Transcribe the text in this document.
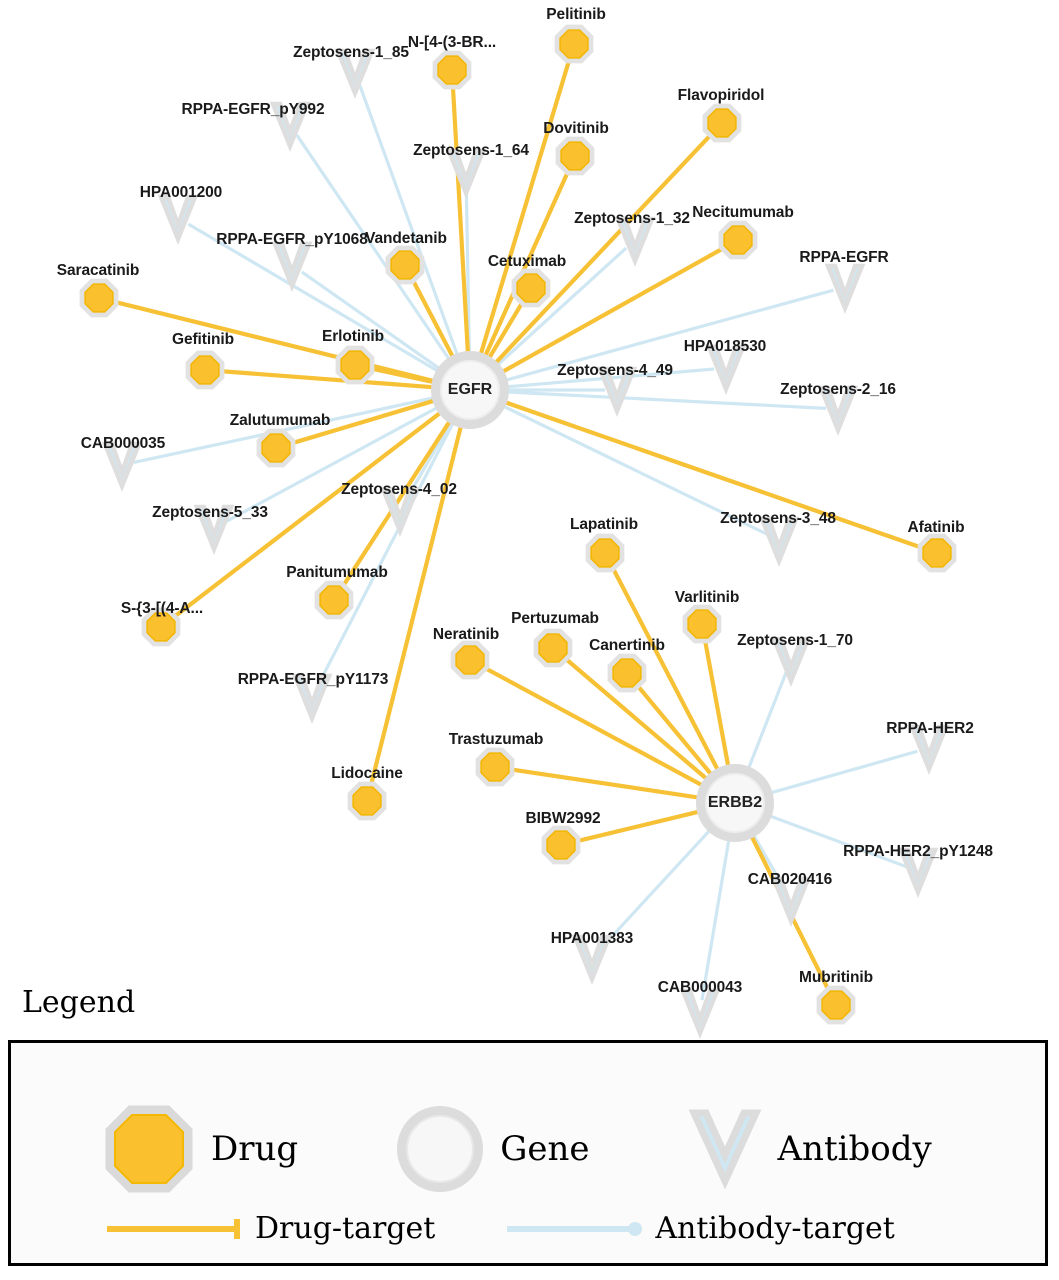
Zeptosens-1_85
RPPA-EGFR_pY992
Zeptosens-1_64
HPA001200
Zeptosens-1_32
RPPA-EGFR_pY1068
RPPA-EGFR
HPA018530
Zeptosens-4_49
Zeptosens-2_16
CAB000035
Zeptosens-4_02
Zeptosens-5_33	Zeptosens-3_48
Zeptosens-1_70
RPPA-EGFR_pY1173
RPPA-HER2
RPPA-HER2_pY1248
CAB020416
HPA001383
CAB000043
Pelitinib
N-[4-(3-BR...
Flavopiridol
Dovitinib
Necitumumab
Vandetanib
Cetuximab
Saracatinib
Gefitinib	Erlotinib
Zalutumumab
Afatinib
Lapatinib
Varlitinib
Panitumumab
S-{3-[(4-A...
Pertuzumab
Neratinib
Canertinib
Trastuzumab
Lidocaine
BIBW2992
Mubritinib
EGFR
ERBB2
Legend
Drug	Gene	Antibody
Drug-target	Antibody-target
